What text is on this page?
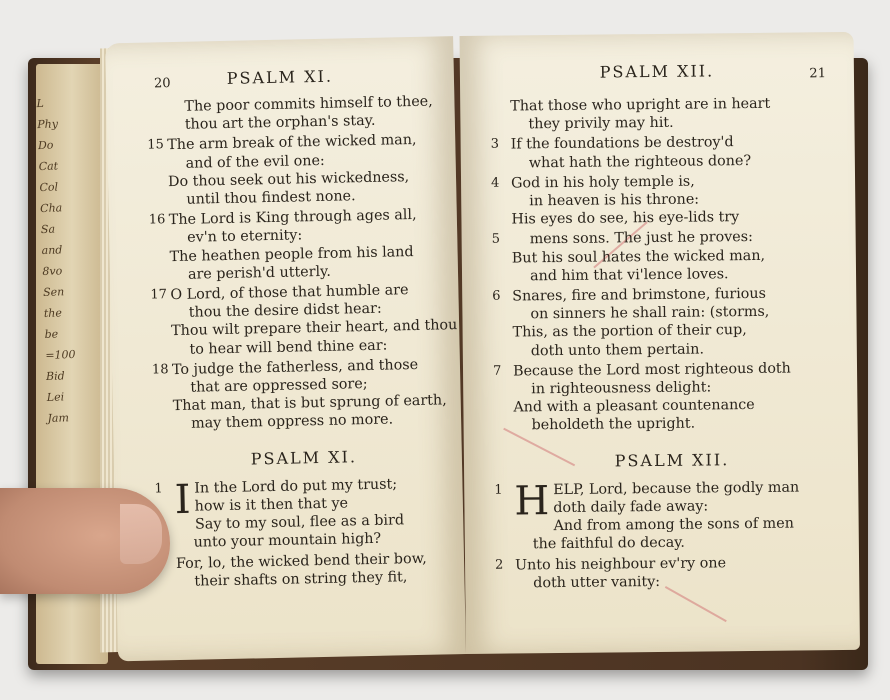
L
Phy
Do
Cat
Col
Cha
Sa
and
8vo
Sen
the
be
=100
Bid
Lei
Jam
20	PSALM XI.
The poor commits himself to thee,
thou art the orphan's stay.
15 The arm break of the wicked man,
and of the evil one:
Do thou seek out his wickedness,
until thou findest none.
16 The Lord is King through ages all,
ev'n to eternity:
The heathen people from his land
are perish'd utterly.
17 O Lord, of those that humble are
thou the desire didst hear:
Thou wilt prepare their heart, and thou
to hear will bend thine ear:
18 To judge the fatherless, and those
that are oppressed sore;
That man, that is but sprung of earth,
may them oppress no more.
PSALM XI.
1 I In the Lord do put my trust;
how is it then that ye
Say to my soul, flee as a bird
unto your mountain high?
For, lo, the wicked bend their bow,
their shafts on string they fit,
21
PSALM XII.
That those who upright are in heart
they privily may hit.
3 If the foundations be destroy'd
what hath the righteous done?
4 God in his holy temple is,
in heaven is his throne:
His eyes do see, his eye-lids try
5	mens sons. The just he proves:
But his soul hates the wicked man,
and him that vi'lence loves.
6 Snares, fire and brimstone, furious
on sinners he shall rain: (storms,
This, as the portion of their cup,
doth unto them pertain.
7 Because the Lord most righteous doth
in righteousness delight:
And with a pleasant countenance
beholdeth the upright.
PSALM XII.
1 H ELP, Lord, because the godly man
doth daily fade away:
And from among the sons of men
the faithful do decay.
2 Unto his neighbour ev'ry one
doth utter vanity:
